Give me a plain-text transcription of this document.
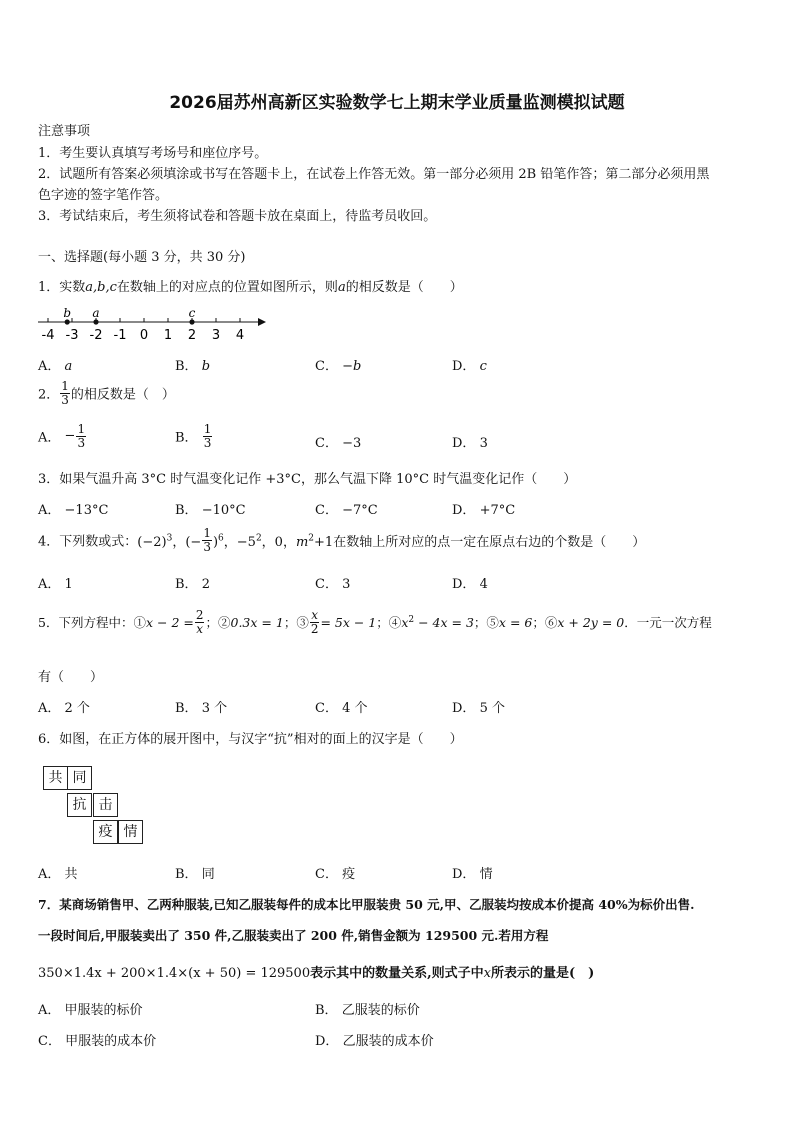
2026届苏州高新区实验数学七上期末学业质量监测模拟试题
注意事项
1．考生要认真填写考场号和座位序号。
2．试题所有答案必须填涂或书写在答题卡上，在试卷上作答无效。第一部分必须用 2B 铅笔作答；第二部分必须用黑
色字迹的签字笔作答。
3．考试结束后，考生须将试卷和答题卡放在桌面上，待监考员收回。
一、选择题(每小题 3 分，共 30 分)
1．实数a,b,c在数轴上的对应点的位置如图所示，则a的相反数是（　　）
-4 -3 -2 -1 0 1 2 3 4
b a	c
A． a	B． b	C． −b	D． c
2． $\frac{1}{3}$ 的相反数是（　）
A． − $\frac{1}{3}$	B． $\frac{1}{3}$	C． −3	D． 3
3．如果气温升高 3°C 时气温变化记作 +3°C，那么气温下降 10°C 时气温变化记作（　　）
A． −13°C	B． −10°C	C． −7°C	D． +7°C
4．下列数或式：$(-2)^3$，(− $\frac{1}{3} )^6$，$-5^2$，0，$m^2+1$在数轴上所对应的点一定在原点右边的个数是（　　）
A． 1	B． 2	C． 3	D． 4
5．下列方程中：①x − $2 = \frac{2}{x}$ ；②0.3x = 1；③ $\frac{x}{2} = 5x - 1$；$④x^2 - 4x = 3$；⑤x = 6；⑥x + 2y = 0．一元一次方程
有（　　）
A． 2 个	B． 3 个	C． 4 个	D． 5 个
6．如图，在正方体的展开图中，与汉字“抗”相对的面上的汉字是（　　）
共 同
抗 击
疫 情
A． 共	B． 同	C． 疫	D． 情
7．某商场销售甲、乙两种服装,已知乙服装每件的成本比甲服装贵 50 元,甲、乙服装均按成本价提高 40%为标价出售.
一段时间后,甲服装卖出了 350 件,乙服装卖出了 200 件,销售金额为 129500 元.若用方程
350×1.4x + 200×1.4×(x + 50) = 129500表示其中的数量关系,则式子中x所表示的量是(　)
A． 甲服装的标价	B． 乙服装的标价
C． 甲服装的成本价	D． 乙服装的成本价
